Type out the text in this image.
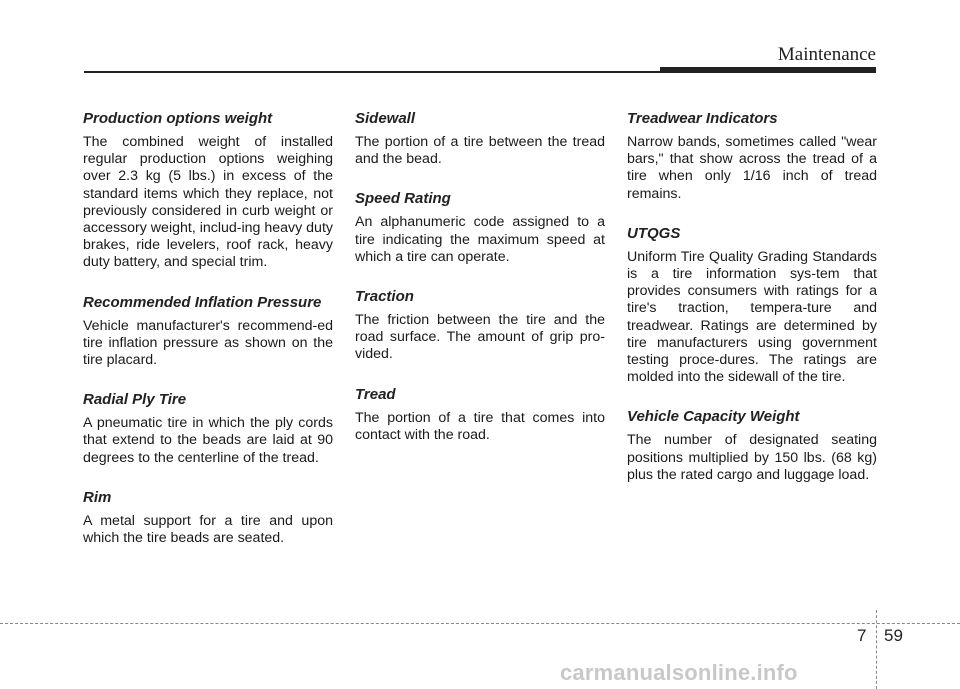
Maintenance

Production options weight

The combined weight of installed regular production options weighing over 2.3 kg (5 lbs.) in excess of the standard items which they replace, not previously considered in curb weight or accessory weight, includ-ing heavy duty brakes, ride levelers, roof rack, heavy duty battery, and special trim.

Recommended Inflation Pressure

Vehicle manufacturer's recommend-ed tire inflation pressure as shown on the tire placard.

Radial Ply Tire

A pneumatic tire in which the ply cords that extend to the beads are laid at 90 degrees to the centerline of the tread.

Rim

A metal support for a tire and upon which the tire beads are seated.

Sidewall

The portion of a tire between the tread and the bead.

Speed Rating

An alphanumeric code assigned to a tire indicating the maximum speed at which a tire can operate.

Traction

The friction between the tire and the road surface. The amount of grip pro-vided.

Tread

The portion of a tire that comes into contact with the road.

Treadwear Indicators

Narrow bands, sometimes called "wear bars," that show across the tread of a tire when only 1/16 inch of tread remains.

UTQGS

Uniform Tire Quality Grading Standards is a tire information sys-tem that provides consumers with ratings for a tire's traction, tempera-ture and treadwear. Ratings are determined by tire manufacturers using government testing proce-dures. The ratings are molded into the sidewall of the tire.

Vehicle Capacity Weight

The number of designated seating positions multiplied by 150 lbs. (68 kg) plus the rated cargo and luggage load.

7 59
carmanualsonline.info
